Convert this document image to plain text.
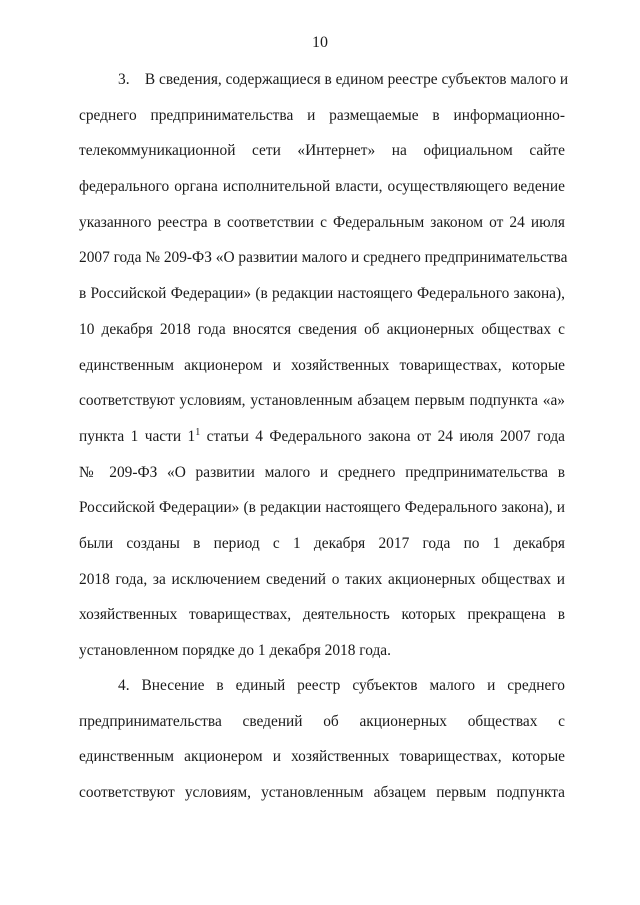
10
3.    В сведения, содержащиеся в едином реестре субъектов малого и
среднего предпринимательства и размещаемые в информационно-
телекоммуникационной сети «Интернет» на официальном сайте
федерального органа исполнительной власти, осуществляющего ведение
указанного реестра в соответствии с Федеральным законом от 24 июля
2007 года № 209-ФЗ «О развитии малого и среднего предпринимательства
в Российской Федерации» (в редакции настоящего Федерального закона),
10 декабря 2018 года вносятся сведения об акционерных обществах с
единственным акционером и хозяйственных товариществах, которые
соответствуют условиям, установленным абзацем первым подпункта «а»
пункта 1 части $1^1$ статьи 4 Федерального закона от 24 июля 2007 года
№ 209-ФЗ «О развитии малого и среднего предпринимательства в
Российской Федерации» (в редакции настоящего Федерального закона), и
были созданы в период с 1 декабря 2017 года по 1 декабря
2018 года, за исключением сведений о таких акционерных обществах и
хозяйственных товариществах, деятельность которых прекращена в
установленном порядке до 1 декабря 2018 года.
4. Внесение в единый реестр субъектов малого и среднего
предпринимательства сведений об акционерных обществах с
единственным акционером и хозяйственных товариществах, которые
соответствуют условиям, установленным абзацем первым подпункта
